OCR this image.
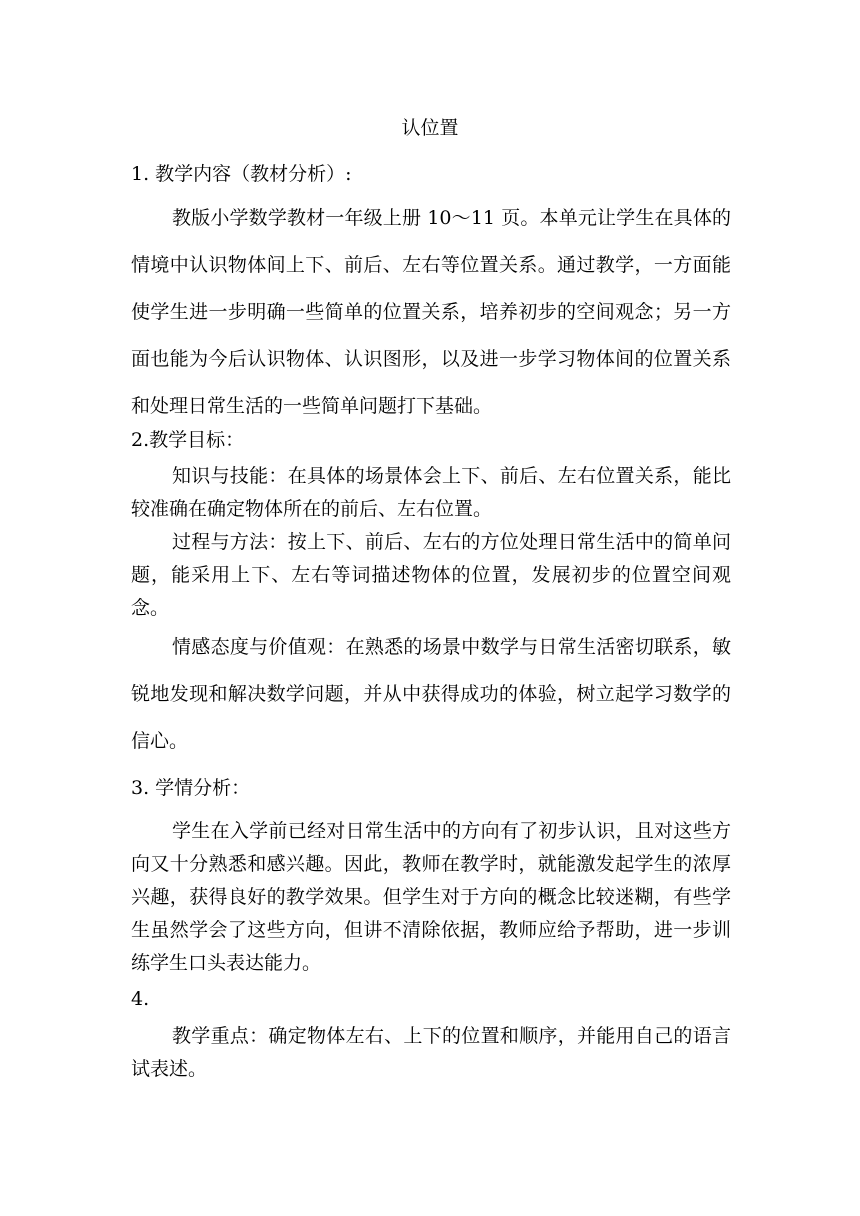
认位置
1. 教学内容（教材分析）:

教版小学数学教材一年级上册 10～11 页。本单元让学生在具体的情境中认识物体间上下、前后、左右等位置关系。通过教学，一方面能使学生进一步明确一些简单的位置关系，培养初步的空间观念；另一方面也能为今后认识物体、认识图形，以及进一步学习物体间的位置关系和处理日常生活的一些简单问题打下基础。

2.教学目标：

知识与技能：在具体的场景体会上下、前后、左右位置关系，能比较准确在确定物体所在的前后、左右位置。

过程与方法：按上下、前后、左右的方位处理日常生活中的简单问题，能采用上下、左右等词描述物体的位置，发展初步的位置空间观念。

情感态度与价值观：在熟悉的场景中数学与日常生活密切联系，敏锐地发现和解决数学问题，并从中获得成功的体验，树立起学习数学的信心。

3. 学情分析：

学生在入学前已经对日常生活中的方向有了初步认识，且对这些方向又十分熟悉和感兴趣。因此，教师在教学时，就能激发起学生的浓厚兴趣，获得良好的教学效果。但学生对于方向的概念比较迷糊，有些学生虽然学会了这些方向，但讲不清除依据，教师应给予帮助，进一步训练学生口头表达能力。

4.

教学重点：确定物体左右、上下的位置和顺序，并能用自己的语言试表述。
